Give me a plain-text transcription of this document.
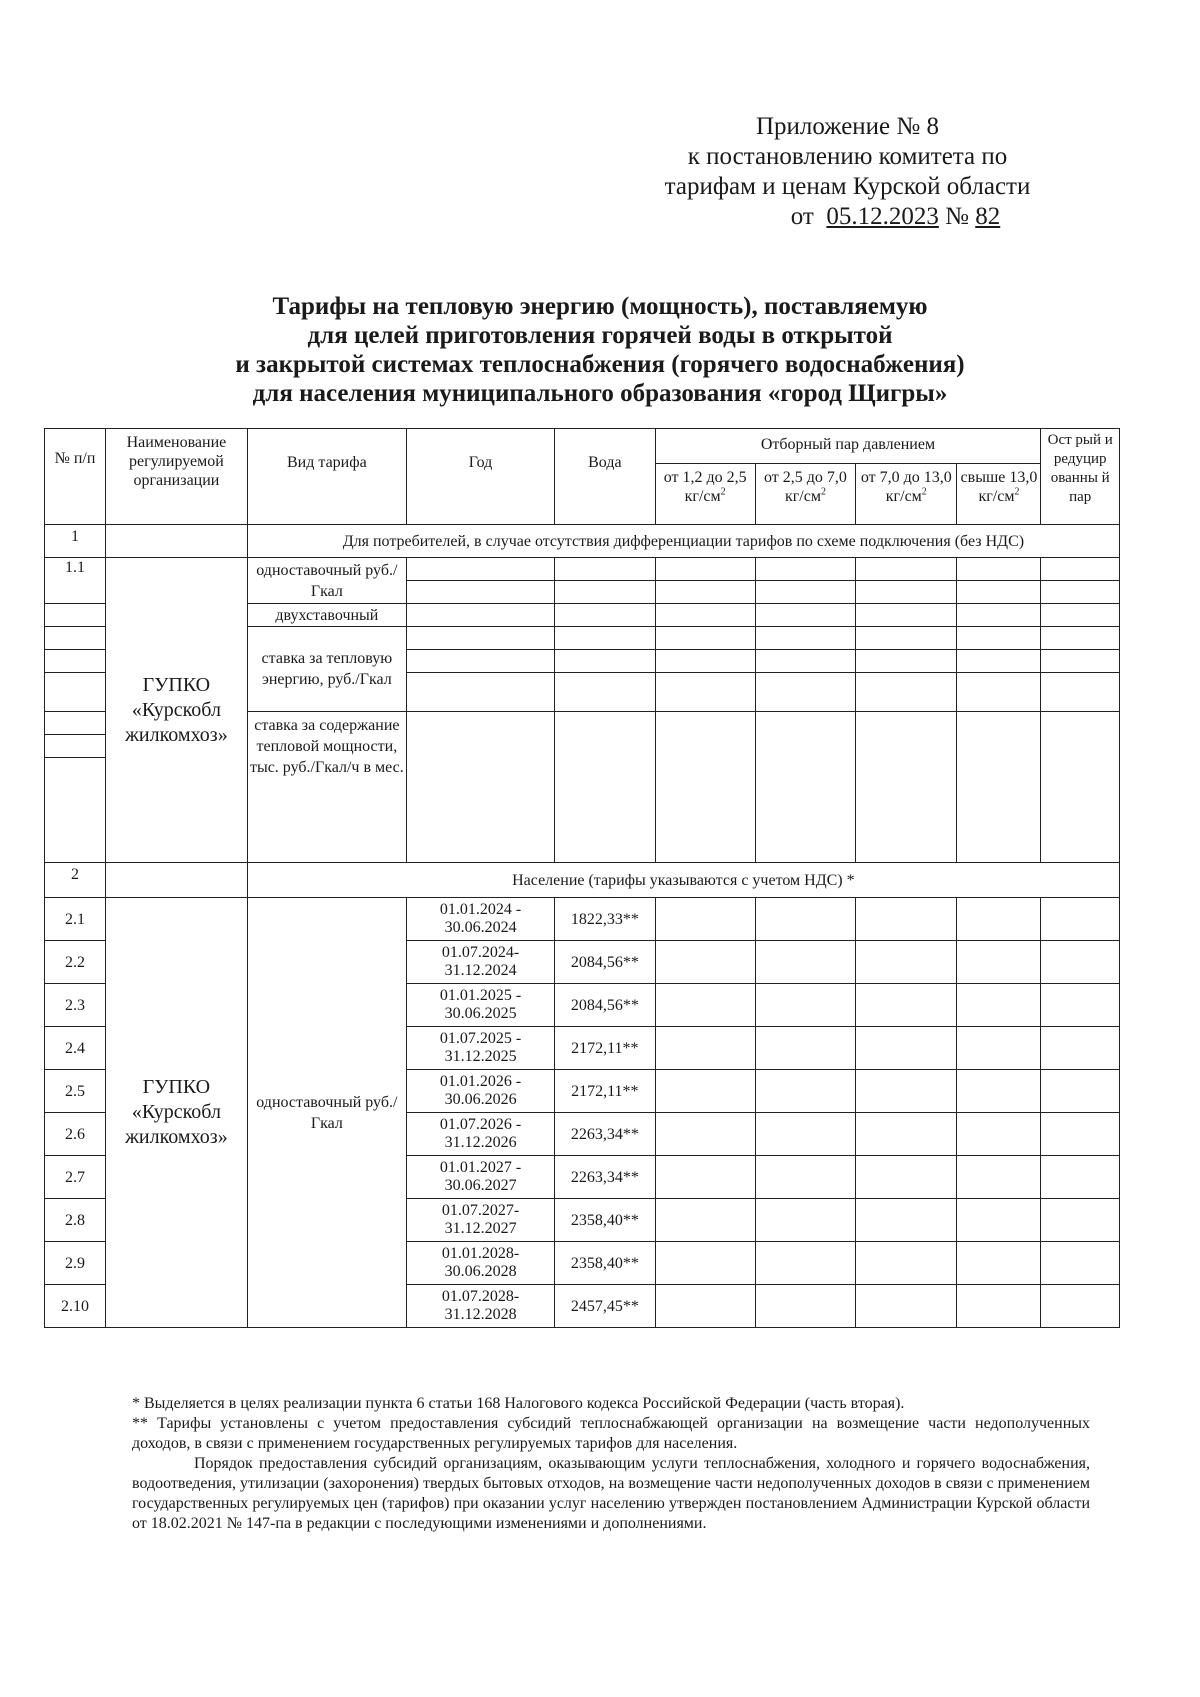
Приложение № 8
к постановлению комитета по
тарифам и ценам Курской области
от 05.12.2023 № 82
Тарифы на тепловую энергию (мощность), поставляемую
для целей приготовления горячей воды в открытой
и закрытой системах теплоснабжения (горячего водоснабжения)
для населения муниципального образования «город Щигры»
№ п/п	Наименование регулируемой организации	Вид тарифа	Год	Вода	Отборный пар давлением				Ост рый и редуцир ованны й пар
					от 1,2 до 2,5 $кг/см^2$	от 2,5 до 7,0 $кг/см^2$	от 7,0 до 13,0 $кг/см^2$	свыше 13,0 $кг/см^2$
1		Для потребителей, в случае отсутствия дифференциации тарифов по схеме подключения (без НДС)							
1.1	ГУПКО «Курскобл жилкомхоз»	одноставочный руб./Гкал							

		двухставочный							
		ставка за тепловую энергию, руб./Гкал							

		ставка за содержание тепловой мощности, тыс. руб./Гкал/ч в мес.							

2		Население (тарифы указываются с учетом НДС) *							
2.1	ГУПКО «Курскобл жилкомхоз»	одноставочный руб./Гкал	01.01.2024 - 30.06.2024	1822,33**					
2.2			01.07.2024- 31.12.2024	2084,56**					
2.3			01.01.2025 - 30.06.2025	2084,56**					
2.4			01.07.2025 - 31.12.2025	2172,11**					
2.5			01.01.2026 - 30.06.2026	2172,11**					
2.6			01.07.2026 - 31.12.2026	2263,34**					
2.7			01.01.2027 - 30.06.2027	2263,34**					
2.8			01.07.2027- 31.12.2027	2358,40**					
2.9			01.01.2028- 30.06.2028	2358,40**					
2.10			01.07.2028- 31.12.2028	2457,45**					

* Выделяется в целях реализации пункта 6 статьи 168 Налогового кодекса Российской Федерации (часть вторая).

** Тарифы установлены с учетом предоставления субсидий теплоснабжающей организации на возмещение части недополученных доходов, в связи с применением государственных регулируемых тарифов для населения.

Порядок предоставления субсидий организациям, оказывающим услуги теплоснабжения, холодного и горячего водоснабжения, водоотведения, утилизации (захоронения) твердых бытовых отходов, на возмещение части недополученных доходов в связи с применением государственных регулируемых цен (тарифов) при оказании услуг населению утвержден постановлением Администрации Курской области от 18.02.2021 № 147-па в редакции с последующими изменениями и дополнениями.
